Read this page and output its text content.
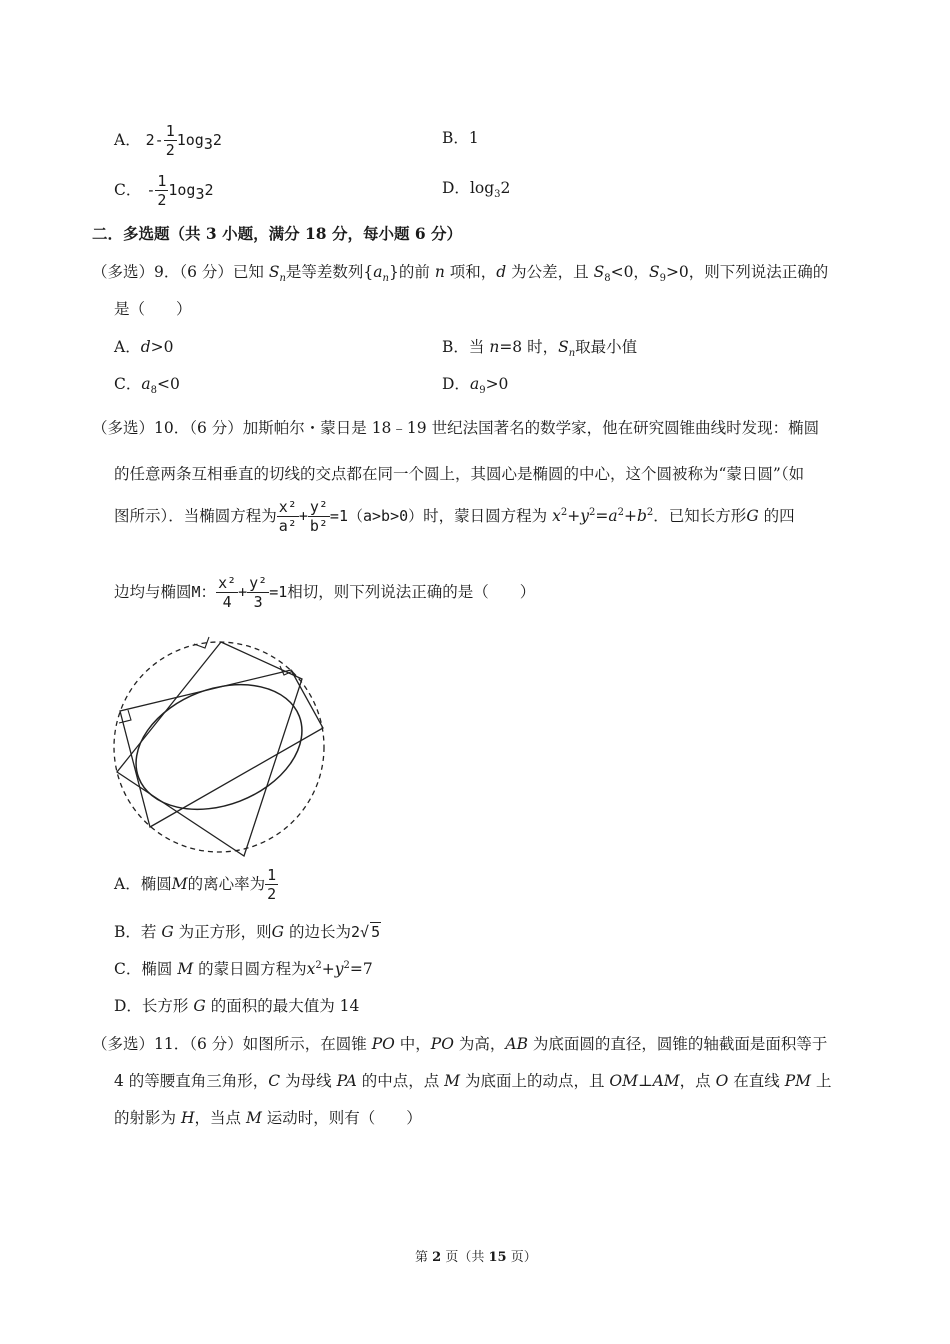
A． $2- \frac{1}{2} 1og_32$	B．1
C． - $\frac{1}{2} 1og_32$	D．$\log_32$
二．多选题（共 3 小题，满分 18 分，每小题 6 分）
（多选）9．（6 分）已知 $S_n$是等差数列$\{a_n\}$的前 n 项和，d 为公差，且 $S_8<0$，$S_9>0$，则下列说法正确的
是（　　）
A．d>0	B．当 n=8 时，$S_n$取最小值
C．$a_8<0$	D．$a_9>0$
（多选）10．（6 分）加斯帕尔・蒙日是 18﹣19 世纪法国著名的数学家，他在研究圆锥曲线时发现：椭圆
的任意两条互相垂直的切线的交点都在同一个圆上，其圆心是椭圆的中心，这个圆被称为“蒙日圆”（如
图所示）．当椭圆方程为 $\frac{\text{x²}}{\text{a²}} + \frac{\text{y²}}{\text{b²}} =1(a>b>0)$时，蒙日圆方程为 $x^2+y^2=a^2+b^2$．已知长方形G 的四
边均与椭圆M： $\frac{\text{x²}}{4} + \frac{\text{y²}}{3} =1$相切，则下列说法正确的是（　　）
A．椭圆M的离心率为 $\frac{1}{2}$
B．若 G 为正方形，则G 的边长为2√ 5
C．椭圆 M 的蒙日圆方程为$x^2+y^2=7$
D．长方形 G 的面积的最大值为 14
（多选）11．（6 分）如图所示，在圆锥 PO 中，PO 为高，AB 为底面圆的直径，圆锥的轴截面是面积等于
4 的等腰直角三角形，C 为母线 PA 的中点，点 M 为底面上的动点，且 OM⊥AM，点 O 在直线 PM 上
的射影为 H，当点 M 运动时，则有（　　）
第 2 页（共 15 页）
